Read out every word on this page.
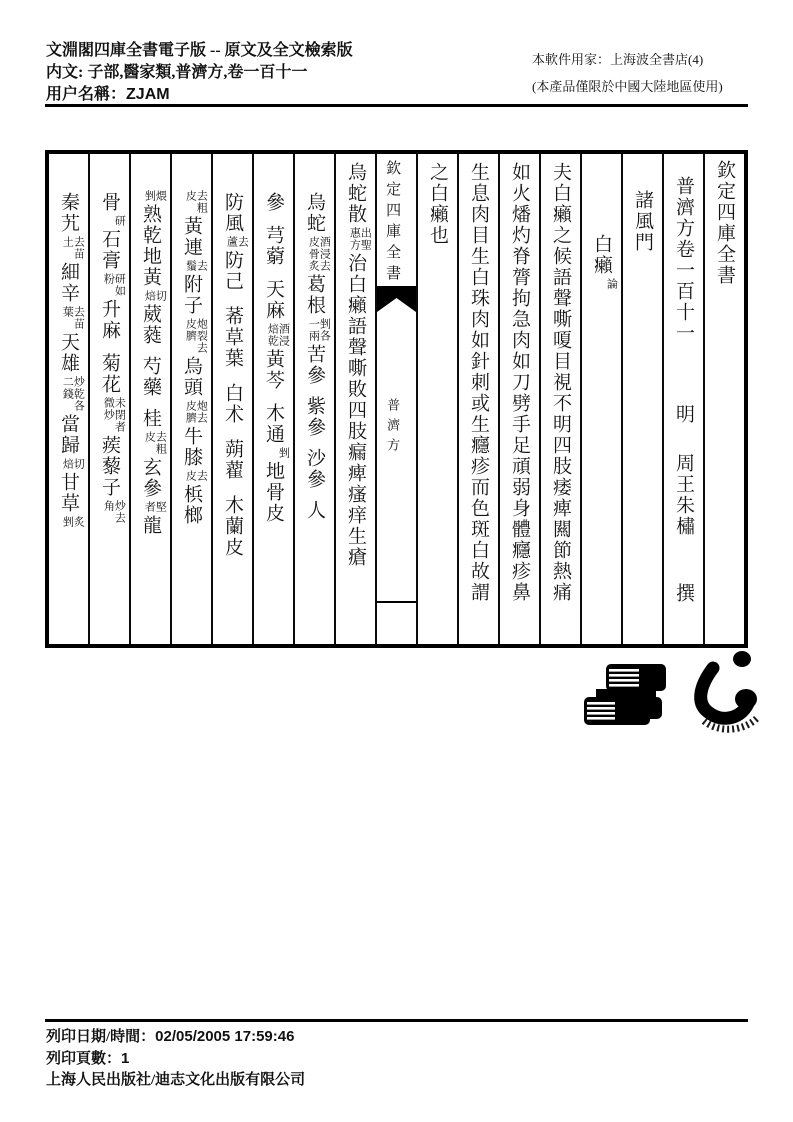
文淵閣四庫全書電子版 -- 原文及全文檢索版
内文: 子部,醫家類,普濟方,卷一百十一
用户名稱：ZJAM
本軟件用家：上海波全書店(4)
(本產品僅限於中國大陸地區使用)
欽定四庫全書
普濟方卷一百十一明周王朱橚撰
諸風門
白癩
論

夫白癩之候語聲嘶嗄目視不明四肢痿痺闗節熱痛
如火燔灼脊膂拘急肉如刀劈手足頑弱身體癮疹鼻
生息肉目生白珠肉如針刺或生癮疹而色斑白故謂
之白癩也
欽定四庫全書普濟方
烏蛇散
出聖
惠方
治白癩語聲嘶敗四肢瘺痺瘙痒生瘡
烏蛇
酒浸去
皮骨炙
葛根
剉各
一兩
苦參紫參沙參人
參芎藭天麻
酒浸
焙乾
黃芩木通
剉

地骨皮
防風
去
蘆
防己莃草葉白术蒴藋木蘭皮
去粗
皮
黃連
去
鬚
附子
炮裂去
皮臍
烏頭
炮去
皮臍
牛膝
去
皮
梹榔
煨
剉
熟乾地黃
切
焙
葳蕤芍藥桂
去粗
皮
玄參
堅
者
龍
骨
研

石膏
研如
粉
升麻菊花
未閉者
微炒
蒺藜子
炒去
角
秦艽
去苗
土
細辛
去苗
葉
天雄
炒乾各
二錢
當歸
切
焙
甘草
炙
剉
列印日期/時間：02/05/2005 17:59:46
列印頁數：1
上海人民出版社/迪志文化出版有限公司
